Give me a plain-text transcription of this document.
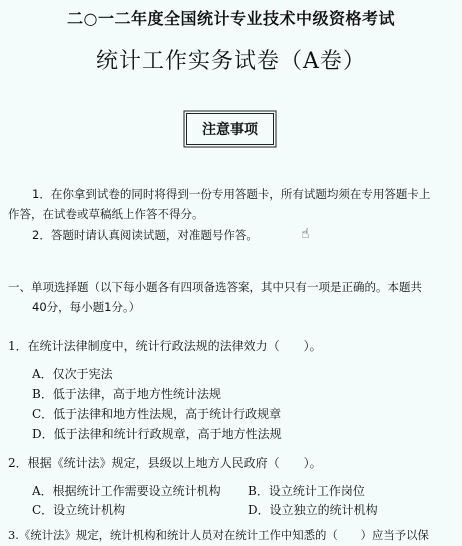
二○一二年度全国统计专业技术中级资格考试
统计工作实务试卷（A卷）
注意事项
1．在你拿到试卷的同时将得到一份专用答题卡，所有试题均须在专用答题卡上
作答，在试卷或草稿纸上作答不得分。
2．答题时请认真阅读试题，对准题号作答。	☝
一、单项选择题（以下每小题各有四项备选答案，其中只有一项是正确的。本题共
40分，每小题1分。）
1．在统计法律制度中，统计行政法规的法律效力（　　）。
A．仅次于宪法
B．低于法律，高于地方性统计法规
C．低于法律和地方性法规，高于统计行政规章
D．低于法律和统计行政规章，高于地方性法规
2．根据《统计法》规定，县级以上地方人民政府（　　）。
A．根据统计工作需要设立统计机构 B．设立统计工作岗位
C．设立统计机构	D．设立独立的统计机构
3.《统计法》规定，统计机构和统计人员对在统计工作中知悉的（　　）应当予以保
